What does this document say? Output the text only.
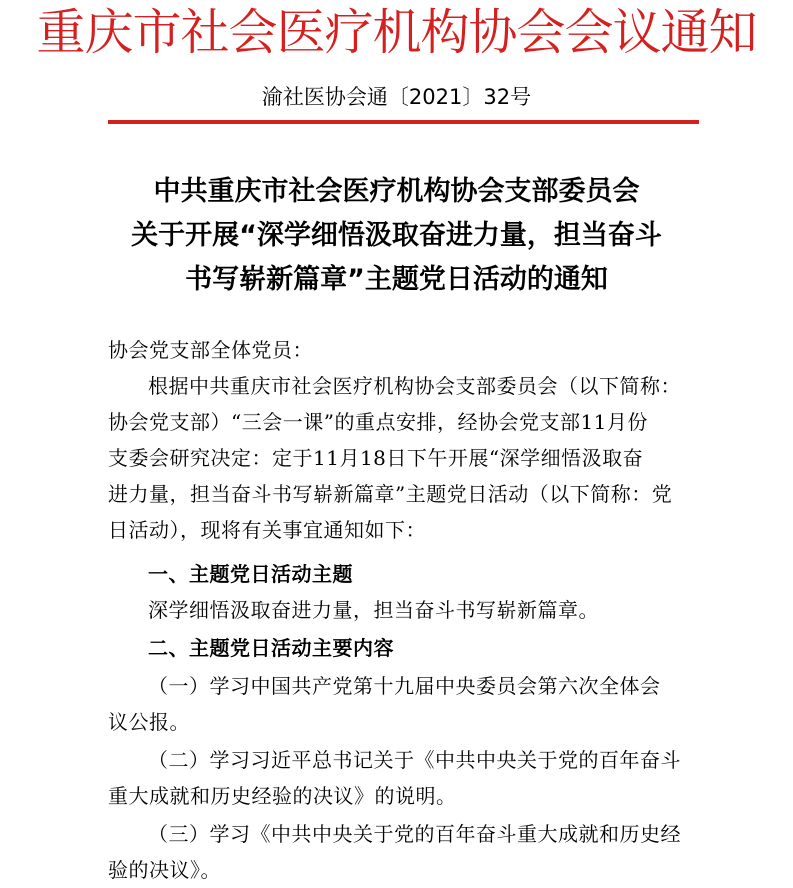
重庆市社会医疗机构协会会议通知
渝社医协会通〔2021〕32号
中共重庆市社会医疗机构协会支部委员会
关于开展“深学细悟汲取奋进力量，担当奋斗
书写崭新篇章”主题党日活动的通知
协会党支部全体党员：
根据中共重庆市社会医疗机构协会支部委员会（以下简称：
协会党支部）“三会一课”的重点安排，经协会党支部11月份
支委会研究决定：定于11月18日下午开展“深学细悟汲取奋
进力量，担当奋斗书写崭新篇章”主题党日活动（以下简称：党
日活动），现将有关事宜通知如下：
一、主题党日活动主题
深学细悟汲取奋进力量，担当奋斗书写崭新篇章。
二、主题党日活动主要内容
（一）学习中国共产党第十九届中央委员会第六次全体会
议公报。
（二）学习习近平总书记关于《中共中央关于党的百年奋斗
重大成就和历史经验的决议》的说明。
（三）学习《中共中央关于党的百年奋斗重大成就和历史经
验的决议》。
